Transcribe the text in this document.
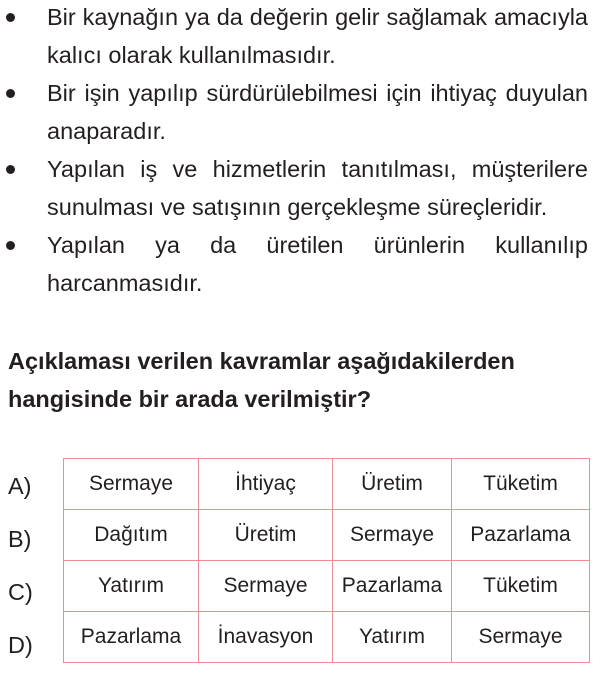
Bir kaynağın ya da değerin gelir sağlamak amacıyla kalıcı olarak kullanılmasıdır.
Bir işin yapılıp sürdürülebilmesi için ihtiyaç duyulan anaparadır.
Yapılan iş ve hizmetlerin tanıtılması, müşterilere sunulması ve satışının gerçekleşme süreçleridir.
Yapılan ya da üretilen ürünlerin kullanılıp harcanmasıdır.
Açıklaması verilen kavramlar aşağıdakilerden hangisinde bir arada verilmiştir?
A)
B)
C)
D)
Sermaye	İhtiyaç	Üretim	Tüketim
Dağıtım	Üretim	Sermaye	Pazarlama
Yatırım	Sermaye	Pazarlama	Tüketim
Pazarlama	İnavasyon	Yatırım	Sermaye
